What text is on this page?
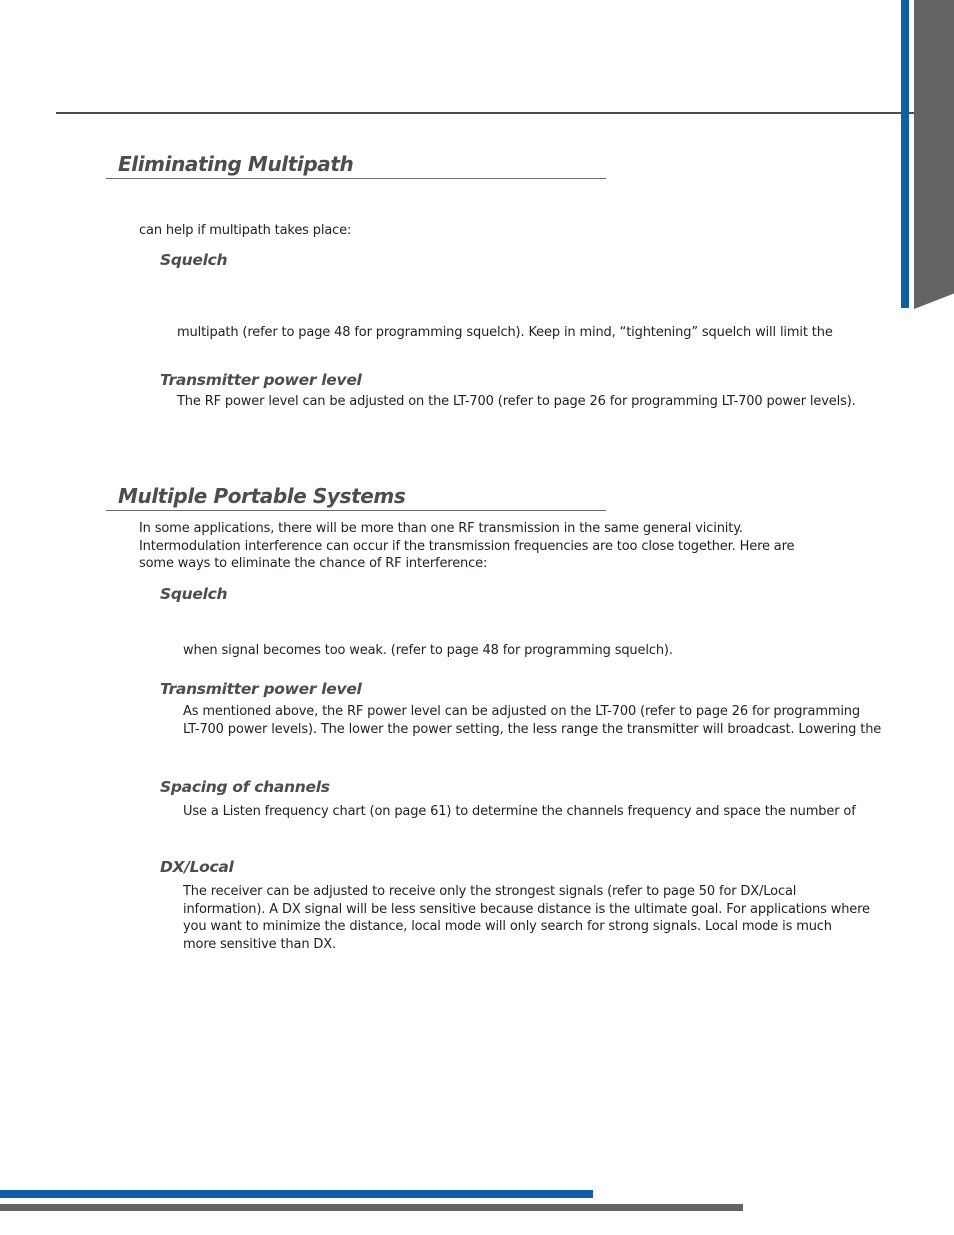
Eliminating Multipath

can help if multipath takes place:

Squelch

multipath (refer to page 48 for programming squelch). Keep in mind, “tightening” squelch will limit the

Transmitter power level

The RF power level can be adjusted on the LT-700 (refer to page 26 for programming LT-700 power levels).

Multiple Portable Systems

In some applications, there will be more than one RF transmission in the same general vicinity.
Intermodulation interference can occur if the transmission frequencies are too close together. Here are
some ways to eliminate the chance of RF interference:

Squelch

when signal becomes too weak. (refer to page 48 for programming squelch).

Transmitter power level

As mentioned above, the RF power level can be adjusted on the LT-700 (refer to page 26 for programming
LT-700 power levels). The lower the power setting, the less range the transmitter will broadcast. Lowering the

Spacing of channels

Use a Listen frequency chart (on page 61) to determine the channels frequency and space the number of

DX/Local

The receiver can be adjusted to receive only the strongest signals (refer to page 50 for DX/Local
information). A DX signal will be less sensitive because distance is the ultimate goal. For applications where
you want to minimize the distance, local mode will only search for strong signals. Local mode is much
more sensitive than DX.
